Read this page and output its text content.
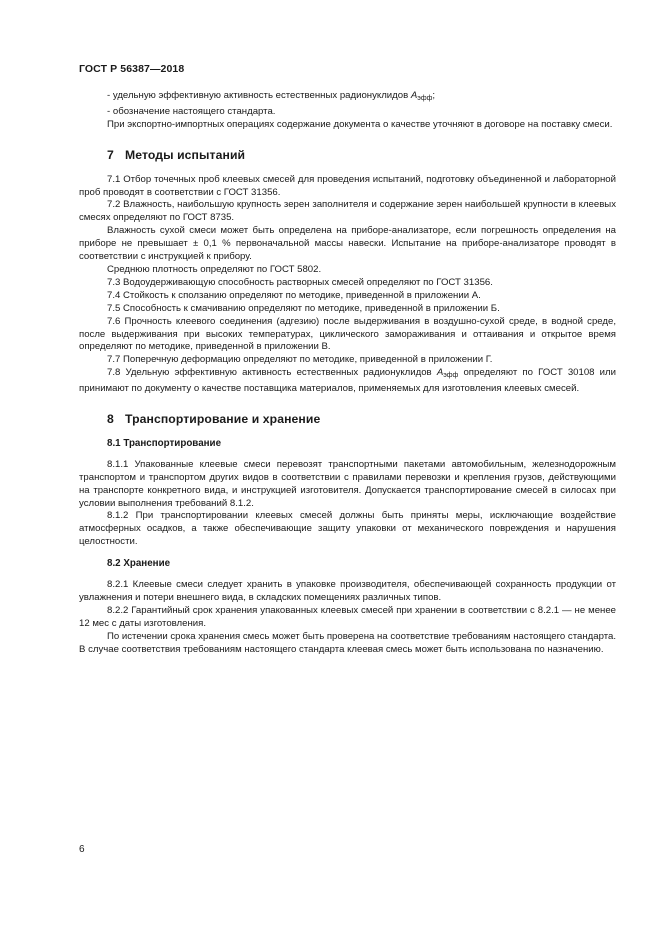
ГОСТ Р 56387—2018

- удельную эффективную активность естественных радионуклидов $A_{эфф}$;

- обозначение настоящего стандарта.

При экспортно-импортных операциях содержание документа о качестве уточняют в договоре на поставку смеси.

7 Методы испытаний

7.1 Отбор точечных проб клеевых смесей для проведения испытаний, подготовку объединенной и лабораторной проб проводят в соответствии с ГОСТ 31356.

7.2 Влажность, наибольшую крупность зерен заполнителя и содержание зерен наибольшей крупности в клеевых смесях определяют по ГОСТ 8735.

Влажность сухой смеси может быть определена на приборе-анализаторе, если погрешность определения на приборе не превышает ± 0,1 % первоначальной массы навески. Испытание на приборе-анализаторе проводят в соответствии с инструкцией к прибору.

Среднюю плотность определяют по ГОСТ 5802.

7.3 Водоудерживающую способность растворных смесей определяют по ГОСТ 31356.

7.4 Стойкость к сползанию определяют по методике, приведенной в приложении А.

7.5 Способность к смачиванию определяют по методике, приведенной в приложении Б.

7.6 Прочность клеевого соединения (адгезию) после выдерживания в воздушно-сухой среде, в водной среде, после выдерживания при высоких температурах, циклического замораживания и оттаивания и открытое время определяют по методике, приведенной в приложении В.

7.7 Поперечную деформацию определяют по методике, приведенной в приложении Г.

7.8 Удельную эффективную активность естественных радионуклидов $A_{эфф}$ определяют по ГОСТ 30108 или принимают по документу о качестве поставщика материалов, применяемых для изготовления клеевых смесей.

8 Транспортирование и хранение
8.1 Транспортирование

8.1.1 Упакованные клеевые смеси перевозят транспортными пакетами автомобильным, железнодорожным транспортом и транспортом других видов в соответствии с правилами перевозки и крепления грузов, действующими на транспорте конкретного вида, и инструкцией изготовителя. Допускается транспортирование смесей в силосах при условии выполнения требований 8.1.2.

8.1.2 При транспортировании клеевых смесей должны быть приняты меры, исключающие воздействие атмосферных осадков, а также обеспечивающие защиту упаковки от механического повреждения и нарушения целостности.

8.2 Хранение

8.2.1 Клеевые смеси следует хранить в упаковке производителя, обеспечивающей сохранность продукции от увлажнения и потери внешнего вида, в складских помещениях различных типов.

8.2.2 Гарантийный срок хранения упакованных клеевых смесей при хранении в соответствии с 8.2.1 — не менее 12 мес с даты изготовления.

По истечении срока хранения смесь может быть проверена на соответствие требованиям настоящего стандарта. В случае соответствия требованиям настоящего стандарта клеевая смесь может быть использована по назначению.

6
